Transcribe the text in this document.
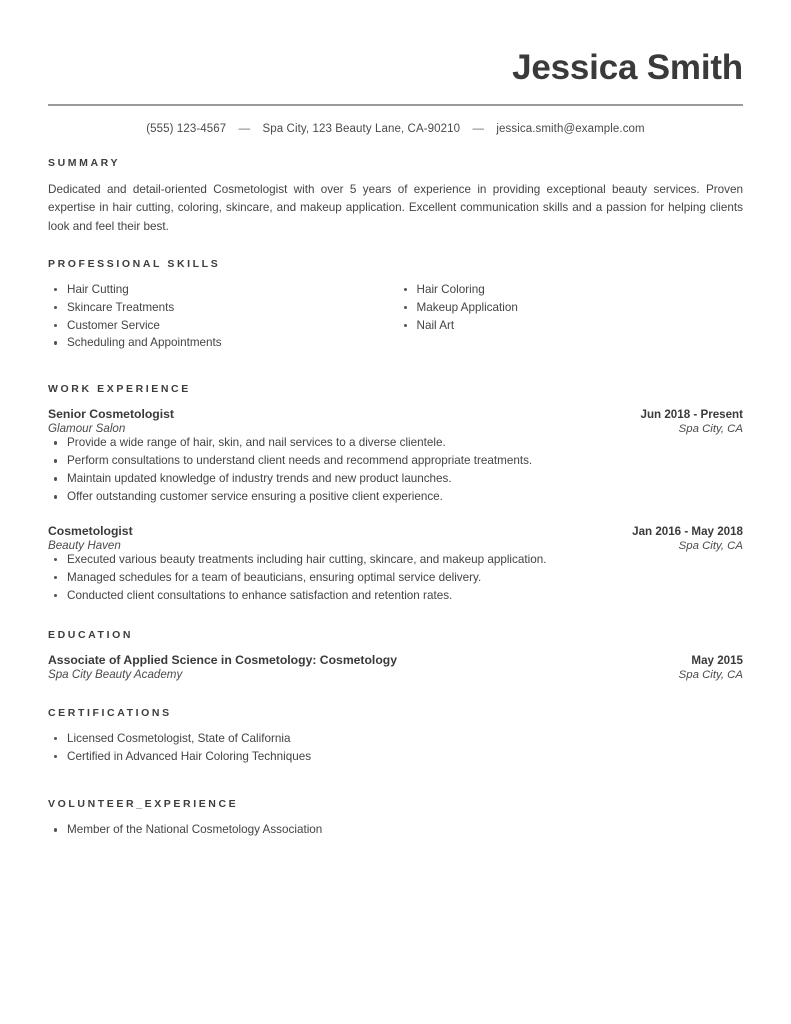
Jessica Smith
(555) 123-4567 — Spa City, 123 Beauty Lane, CA-90210 — jessica.smith@example.com
SUMMARY

Dedicated and detail-oriented Cosmetologist with over 5 years of experience in providing exceptional beauty services. Proven expertise in hair cutting, coloring, skincare, and makeup application. Excellent communication skills and a passion for helping clients look and feel their best.

PROFESSIONAL SKILLS
Hair Cutting
Skincare Treatments
Customer Service
Scheduling and Appointments
Hair Coloring
Makeup Application
Nail Art
WORK EXPERIENCE
Senior Cosmetologist	Jun 2018 - Present
Glamour Salon	Spa City, CA
Provide a wide range of hair, skin, and nail services to a diverse clientele.
Perform consultations to understand client needs and recommend appropriate treatments.
Maintain updated knowledge of industry trends and new product launches.
Offer outstanding customer service ensuring a positive client experience.
Cosmetologist	Jan 2016 - May 2018
Beauty Haven	Spa City, CA
Executed various beauty treatments including hair cutting, skincare, and makeup application.
Managed schedules for a team of beauticians, ensuring optimal service delivery.
Conducted client consultations to enhance satisfaction and retention rates.
EDUCATION
Associate of Applied Science in Cosmetology: Cosmetology	May 2015
Spa City Beauty Academy	Spa City, CA
CERTIFICATIONS
Licensed Cosmetologist, State of California
Certified in Advanced Hair Coloring Techniques
VOLUNTEER_EXPERIENCE
Member of the National Cosmetology Association
